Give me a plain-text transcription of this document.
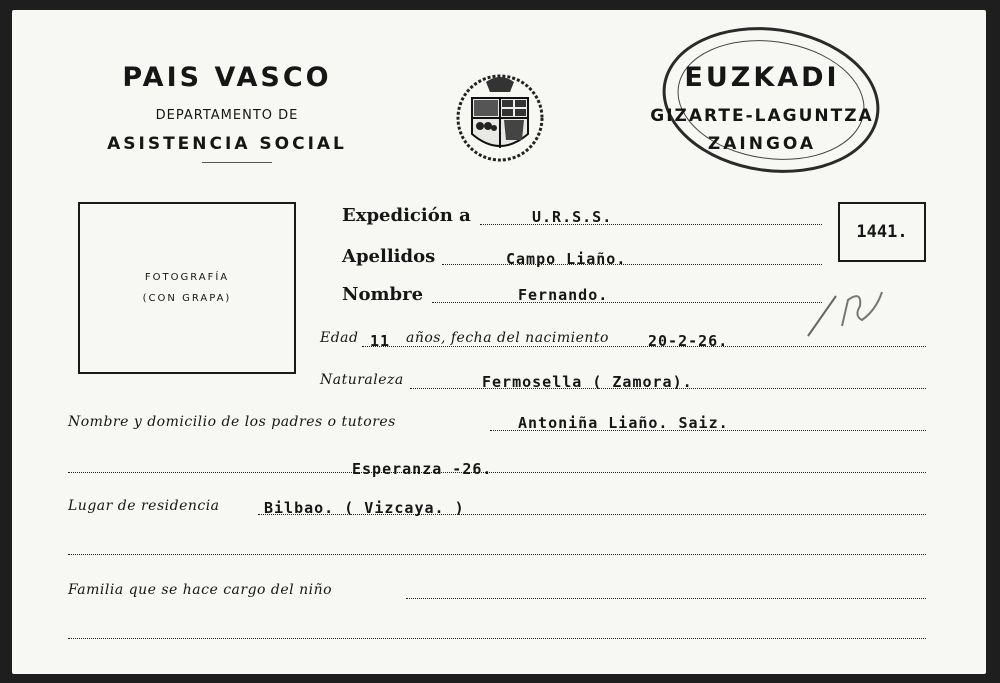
PAIS VASCO
DEPARTAMENTO DE
ASISTENCIA SOCIAL
EUZKADI
GIZARTE-LAGUNTZA
ZAINGOA
FOTOGRAFÍA
(CON GRAPA)
1441.
Expedición a	U.R.S.S.
Apellidos	Campo Liaño.
Nombre	Fernando.
Edad 11 años, fecha del nacimiento	20-2-26.
Naturaleza	Fermosella ( Zamora).
Nombre y domicilio de los padres o tutores	Antoniña Liaño. Saiz.
Esperanza -26.
Lugar de residencia	Bilbao. ( Vizcaya. )
Familia que se hace cargo del niño
